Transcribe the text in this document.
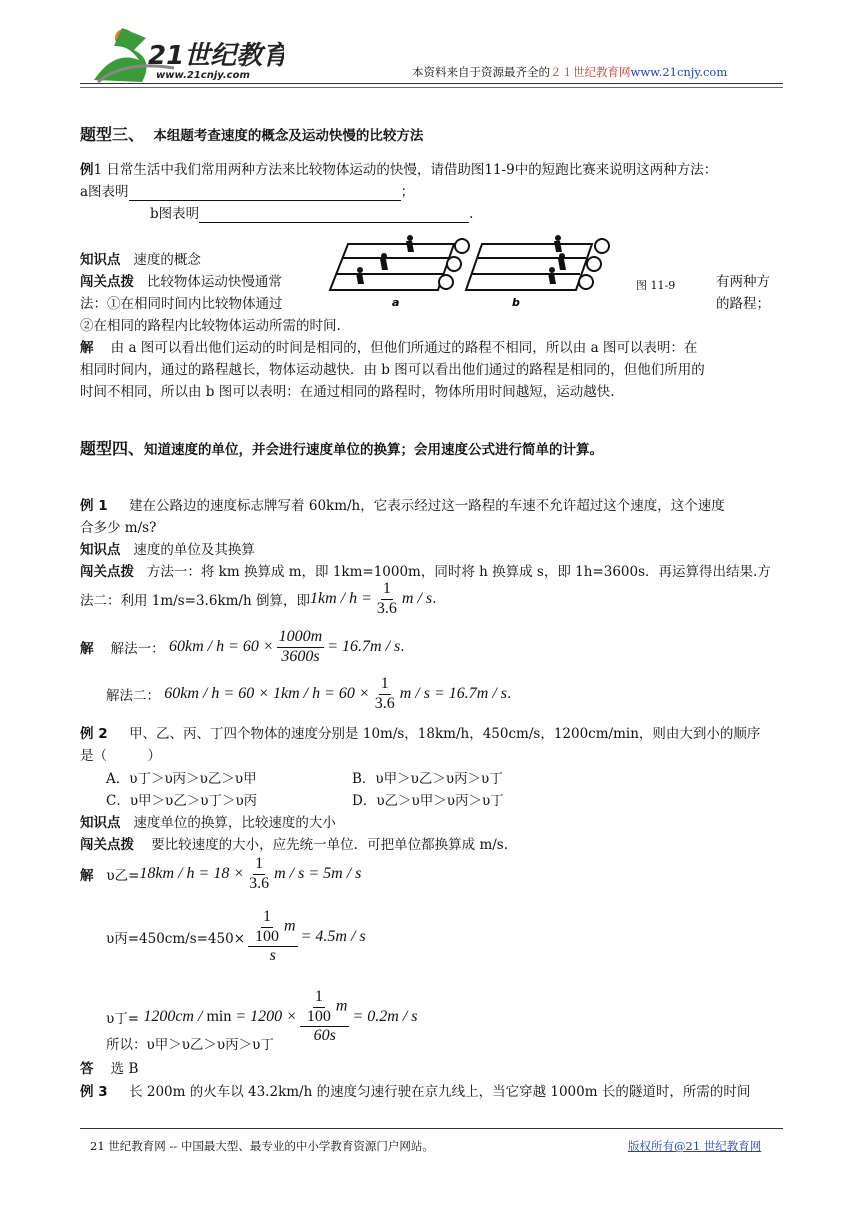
21世纪教育
www.21cnjy.com	本资料来自于资源最齐全的２１世纪教育网www.21cnjy.com
题型三、 本组题考查速度的概念及运动快慢的比较方法
例1 日常生活中我们常用两种方法来比较物体运动的快慢，请借助图11-9中的短跑比赛来说明这两种方法：
a图表明	；
b图表明	.
知识点 速度的概念
闯关点拨 比较物体运动快慢通常
法：①在相同时间内比较物体通过
有两种方
的路程；
②在相同的路程内比较物体运动所需的时间.
a	b
图 11-9
解 由 a 图可以看出他们运动的时间是相同的，但他们所通过的路程不相同，所以由 a 图可以表明：在
相同时间内，通过的路程越长，物体运动越快．由 b 图可以看出他们通过的路程是相同的，但他们所用的
时间不相同，所以由 b 图可以表明：在通过相同的路程时，物体所用时间越短，运动越快.
题型四、知道速度的单位，并会进行速度单位的换算；会用速度公式进行简单的计算。
例 1 建在公路边的速度标志牌写着 60km/h，它表示经过这一路程的车速不允许超过这个速度，这个速度
合多少 m/s?
知识点 速度的单位及其换算
闯关点拨 方法一：将 km 换算成 m，即 1km=1000m，同时将 h 换算成 s，即 1h=3600s．再运算得出结果.方
法二：利用 1m/s=3.6km/h 倒算，即 $1km / h = \frac{1}{3.6}$ m / s .
解
解法一：
$60km / h = 60 \times \frac{1000m}{3600s} = 16.7m / s$ .
解法二：
$60km / h = 60 \times 1km / h = 60 \times \frac{1}{3.6}$ m / s = 16.7m / s .
例 2 甲、乙、丙、丁四个物体的速度分别是 10m/s，18km/h，450cm/s，1200cm/min，则由大到小的顺序
是（　　　）
A．υ丁＞υ丙＞υ乙＞υ甲	B．υ甲＞υ乙＞υ丙＞υ丁
C．υ甲＞υ乙＞υ丁＞υ丙	D．υ乙＞υ甲＞υ丙＞υ丁
知识点 速度单位的换算，比较速度的大小
闯关点拨 要比较速度的大小，应先统一单位．可把单位都换算成 m/s.
解
υ乙= $18km / h = 18 \times \frac{1}{3.6}$ m / s = 5m / s
υ丙$=450cm/s=450\times \frac{\frac{1}{100} m}{s} = 4.5m / s$
υ丁=
$1200cm / \min = 1200 \times \frac{\frac{1}{100} m}{60s} = 0.2m / s$
所以：υ甲＞υ乙＞υ丙＞υ丁
答 选 B
例 3 长 200m 的火车以 43.2km/h 的速度匀速行驶在京九线上，当它穿越 1000m 长的隧道时，所需的时间
21 世纪教育网 -- 中国最大型、最专业的中小学教育资源门户网站。	版权所有@21 世纪教育网
